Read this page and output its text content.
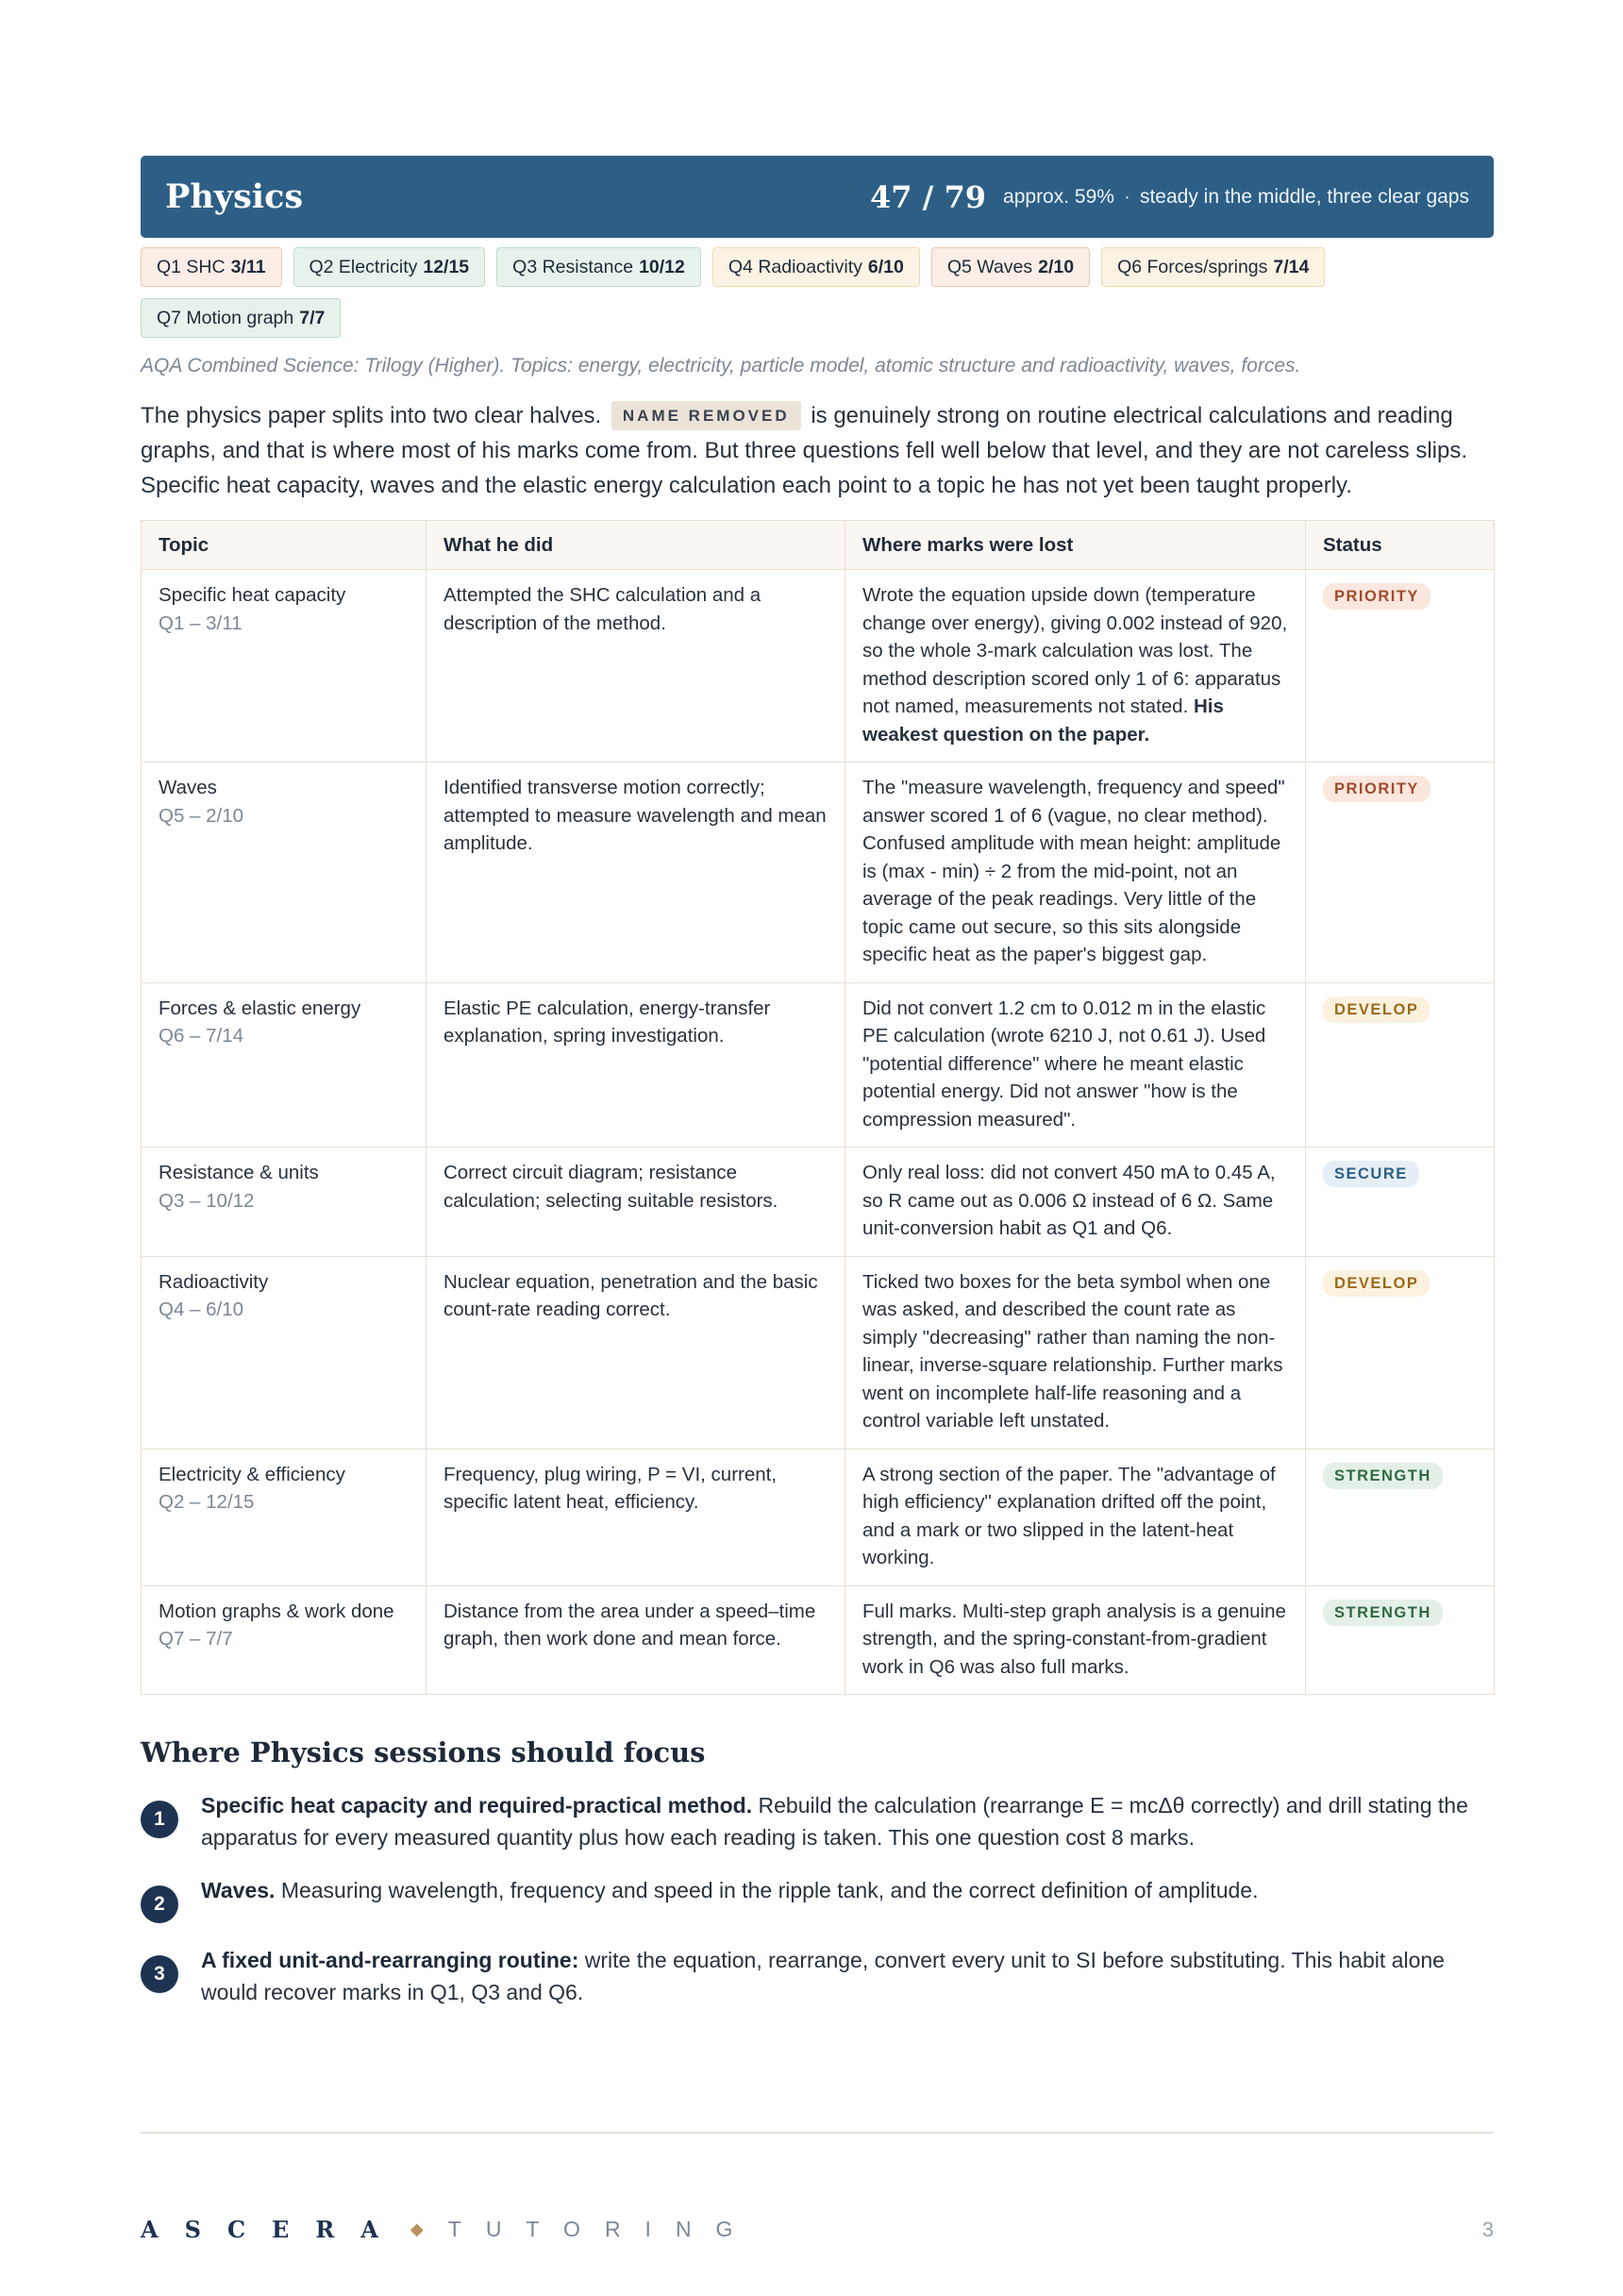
Physics	47 / 79 approx. 59% · steady in the middle, three clear gaps
Q1 SHC 3/11 Q2 Electricity 12/15 Q3 Resistance 10/12 Q4 Radioactivity 6/10 Q5 Waves 2/10 Q6 Forces/springs 7/14
Q7 Motion graph 7/7
AQA Combined Science: Trilogy (Higher). Topics: energy, electricity, particle model, atomic structure and radioactivity, waves, forces.

The physics paper splits into two clear halves. NAME REMOVED is genuinely strong on routine electrical calculations and reading graphs, and that is where most of his marks come from. But three questions fell well below that level, and they are not careless slips. Specific heat capacity, waves and the elastic energy calculation each point to a topic he has not yet been taught properly.

Topic	What he did	Where marks were lost	Status

Specific heat capacity
Q1 – 3/11	Attempted the SHC calculation and a description of the method.	Wrote the equation upside down (temperature change over energy), giving 0.002 instead of 920, so the whole 3-mark calculation was lost. The method description scored only 1 of 6: apparatus not named, measurements not stated. His weakest question on the paper.	PRIORITY

Waves
Q5 – 2/10	Identified transverse motion correctly; attempted to measure wavelength and mean amplitude.	The "measure wavelength, frequency and speed" answer scored 1 of 6 (vague, no clear method). Confused amplitude with mean height: amplitude is (max - min) ÷ 2 from the mid-point, not an average of the peak readings. Very little of the topic came out secure, so this sits alongside specific heat as the paper's biggest gap.	PRIORITY

Forces & elastic energy
Q6 – 7/14	Elastic PE calculation, energy-transfer explanation, spring investigation.	Did not convert 1.2 cm to 0.012 m in the elastic PE calculation (wrote 6210 J, not 0.61 J). Used "potential difference" where he meant elastic potential energy. Did not answer "how is the compression measured".	DEVELOP

Resistance & units
Q3 – 10/12	Correct circuit diagram; resistance calculation; selecting suitable resistors.	Only real loss: did not convert 450 mA to 0.45 A, so R came out as 0.006 Ω instead of 6 Ω. Same unit-conversion habit as Q1 and Q6.	SECURE

Radioactivity
Q4 – 6/10	Nuclear equation, penetration and the basic count-rate reading correct.	Ticked two boxes for the beta symbol when one was asked, and described the count rate as simply "decreasing" rather than naming the non-linear, inverse-square relationship. Further marks went on incomplete half-life reasoning and a control variable left unstated.	DEVELOP

Electricity & efficiency
Q2 – 12/15	Frequency, plug wiring, P = VI, current, specific latent heat, efficiency.	A strong section of the paper. The "advantage of high efficiency" explanation drifted off the point, and a mark or two slipped in the latent-heat working.	STRENGTH

Motion graphs & work done
Q7 – 7/7	Distance from the area under a speed–time graph, then work done and mean force.	Full marks. Multi-step graph analysis is a genuine strength, and the spring-constant-from-gradient work in Q6 was also full marks.	STRENGTH
Where Physics sessions should focus
1
Specific heat capacity and required-practical method. Rebuild the calculation (rearrange E = mcΔθ correctly) and drill stating the apparatus for every measured quantity plus how each reading is taken. This one question cost 8 marks.
2
Waves. Measuring wavelength, frequency and speed in the ripple tank, and the correct definition of amplitude.
3
A fixed unit-and-rearranging routine: write the equation, rearrange, convert every unit to SI before substituting. This habit alone would recover marks in Q1, Q3 and Q6.
ASCERA ◆ TUTORING	3
